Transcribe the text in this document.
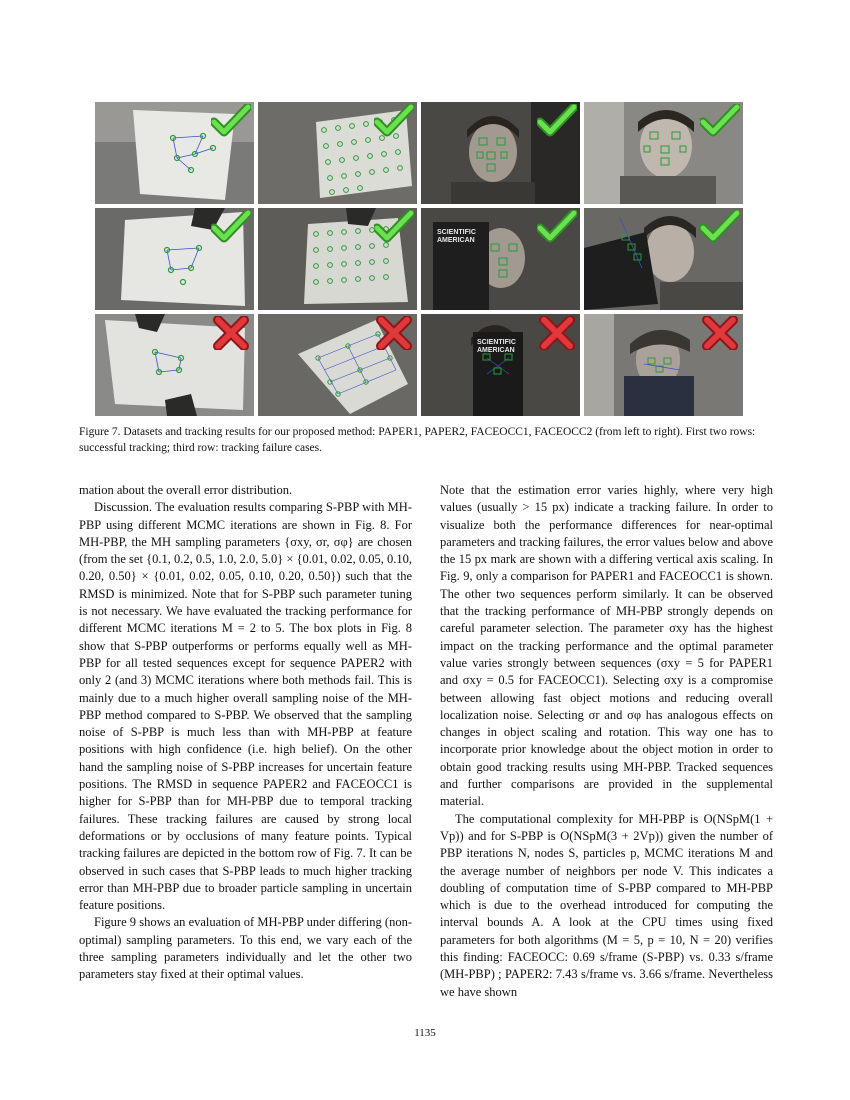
SCIENTIFIC
AMERICAN
SCIENTIFIC
AMERICAN
Figure 7. Datasets and tracking results for our proposed method: PAPER1, PAPER2, FACEOCC1, FACEOCC2 (from left to right). First two rows: successful tracking; third row: tracking failure cases.

mation about the overall error distribution.

Discussion. The evaluation results comparing S-PBP with MH-PBP using different MCMC iterations are shown in Fig. 8. For MH-PBP, the MH sampling parameters {σxy, σr, σφ} are chosen (from the set {0.1, 0.2, 0.5, 1.0, 2.0, 5.0} × {0.01, 0.02, 0.05, 0.10, 0.20, 0.50} × {0.01, 0.02, 0.05, 0.10, 0.20, 0.50}) such that the RMSD is minimized. Note that for S-PBP such parameter tuning is not necessary. We have evaluated the tracking performance for different MCMC iterations M = 2 to 5. The box plots in Fig. 8 show that S-PBP outperforms or performs equally well as MH-PBP for all tested sequences except for sequence PAPER2 with only 2 (and 3) MCMC iterations where both methods fail. This is mainly due to a much higher overall sampling noise of the MH-PBP method compared to S-PBP. We observed that the sampling noise of S-PBP is much less than with MH-PBP at feature positions with high confidence (i.e. high belief). On the other hand the sampling noise of S-PBP increases for uncertain feature positions. The RMSD in sequence PAPER2 and FACEOCC1 is higher for S-PBP than for MH-PBP due to temporal tracking failures. These tracking failures are caused by strong local deformations or by occlusions of many feature points. Typical tracking failures are depicted in the bottom row of Fig. 7. It can be observed in such cases that S-PBP leads to much higher tracking error than MH-PBP due to broader particle sampling in uncertain feature positions.

Figure 9 shows an evaluation of MH-PBP under differing (non-optimal) sampling parameters. To this end, we vary each of the three sampling parameters individually and let the other two parameters stay fixed at their optimal values.

Note that the estimation error varies highly, where very high values (usually > 15 px) indicate a tracking failure. In order to visualize both the performance differences for near-optimal parameters and tracking failures, the error values below and above the 15 px mark are shown with a differing vertical axis scaling. In Fig. 9, only a comparison for PAPER1 and FACEOCC1 is shown. The other two sequences perform similarly. It can be observed that the tracking performance of MH-PBP strongly depends on careful parameter selection. The parameter σxy has the highest impact on the tracking performance and the optimal parameter value varies strongly between sequences (σxy = 5 for PAPER1 and σxy = 0.5 for FACEOCC1). Selecting σxy is a compromise between allowing fast object motions and reducing overall localization noise. Selecting σr and σφ has analogous effects on changes in object scaling and rotation. This way one has to incorporate prior knowledge about the object motion in order to obtain good tracking results using MH-PBP. Tracked sequences and further comparisons are provided in the supplemental material.

The computational complexity for MH-PBP is O(NSpM(1 + Vp)) and for S-PBP is O(NSpM(3 + 2Vp)) given the number of PBP iterations N, nodes S, particles p, MCMC iterations M and the average number of neighbors per node V. This indicates a doubling of computation time of S-PBP compared to MH-PBP which is due to the overhead introduced for computing the interval bounds A. A look at the CPU times using fixed parameters for both algorithms (M = 5, p = 10, N = 20) verifies this finding: FACEOCC: 0.69 s/frame (S-PBP) vs. 0.33 s/frame (MH-PBP) ; PAPER2: 7.43 s/frame vs. 3.66 s/frame. Nevertheless we have shown

1135
